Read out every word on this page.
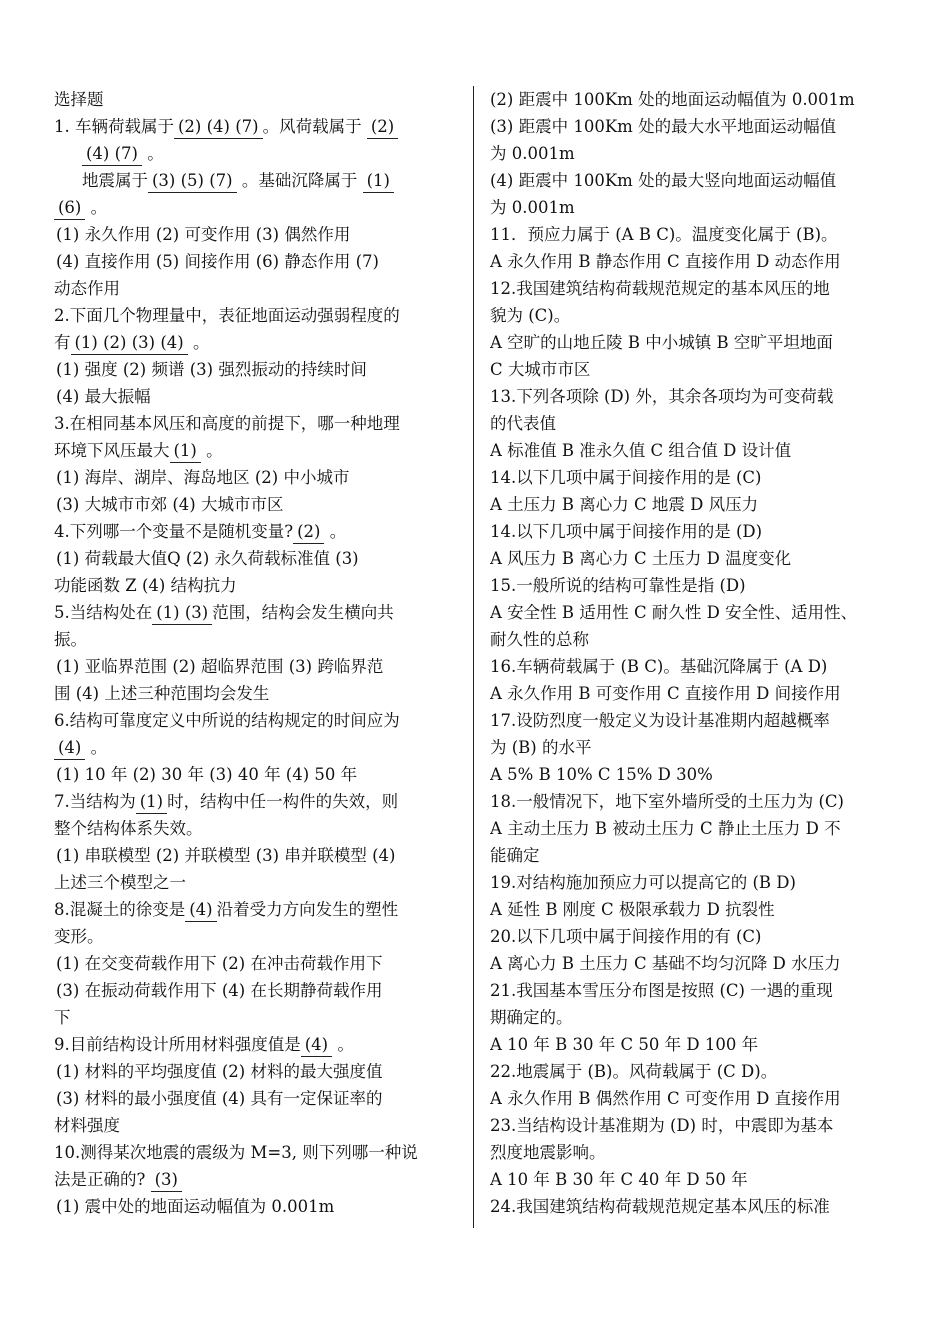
选择题
1. 车辆荷载属于 (2) (4) (7) 。风荷载属于 (2)
(4) (7) 。
地震属于 (3) (5) (7) 。基础沉降属于 (1)
(6) 。
(1) 永久作用 (2) 可变作用 (3) 偶然作用
(4) 直接作用 (5) 间接作用 (6) 静态作用 (7)
动态作用
2.下面几个物理量中，表征地面运动强弱程度的
有 (1) (2) (3) (4) 。
(1) 强度 (2) 频谱 (3) 强烈振动的持续时间
(4) 最大振幅
3.在相同基本风压和高度的前提下，哪一种地理
环境下风压最大 (1) 。
(1) 海岸、湖岸、海岛地区 (2) 中小城市
(3) 大城市市郊 (4) 大城市市区
4.下列哪一个变量不是随机变量? (2) 。
(1) 荷载最大值Q (2) 永久荷载标准值 (3)
功能函数 Z (4) 结构抗力
5.当结构处在 (1) (3) 范围，结构会发生横向共
振。
(1) 亚临界范围 (2) 超临界范围 (3) 跨临界范
围 (4) 上述三种范围均会发生
6.结构可靠度定义中所说的结构规定的时间应为
(4) 。
(1) 10 年 (2) 30 年 (3) 40 年 (4) 50 年
7.当结构为 (1) 时，结构中任一构件的失效，则
整个结构体系失效。
(1) 串联模型 (2) 并联模型 (3) 串并联模型 (4)
上述三个模型之一
8.混凝土的徐变是 (4) 沿着受力方向发生的塑性
变形。
(1) 在交变荷载作用下 (2) 在冲击荷载作用下
(3) 在振动荷载作用下 (4) 在长期静荷载作用
下
9.目前结构设计所用材料强度值是 (4) 。
(1) 材料的平均强度值 (2) 材料的最大强度值
(3) 材料的最小强度值 (4) 具有一定保证率的
材料强度
10.测得某次地震的震级为 M=3, 则下列哪一种说
法是正确的? (3)
(1) 震中处的地面运动幅值为 0.001m
(2) 距震中 100Km 处的地面运动幅值为 0.001m
(3) 距震中 100Km 处的最大水平地面运动幅值
为 0.001m
(4) 距震中 100Km 处的最大竖向地面运动幅值
为 0.001m
11．预应力属于 (A B C)。温度变化属于 (B)。
A 永久作用 B 静态作用 C 直接作用 D 动态作用
12.我国建筑结构荷载规范规定的基本风压的地
貌为 (C)。
A 空旷的山地丘陵 B 中小城镇 B 空旷平坦地面
C 大城市市区
13.下列各项除 (D) 外，其余各项均为可变荷载
的代表值
A 标准值 B 准永久值 C 组合值 D 设计值
14.以下几项中属于间接作用的是 (C)
A 土压力 B 离心力 C 地震 D 风压力
14.以下几项中属于间接作用的是 (D)
A 风压力 B 离心力 C 土压力 D 温度变化
15.一般所说的结构可靠性是指 (D)
A 安全性 B 适用性 C 耐久性 D 安全性、适用性、
耐久性的总称
16.车辆荷载属于 (B C)。基础沉降属于 (A D)
A 永久作用 B 可变作用 C 直接作用 D 间接作用
17.设防烈度一般定义为设计基准期内超越概率
为 (B) 的水平
A 5% B 10% C 15% D 30%
18.一般情况下，地下室外墙所受的土压力为 (C)
A 主动土压力 B 被动土压力 C 静止土压力 D 不
能确定
19.对结构施加预应力可以提高它的 (B D)
A 延性 B 刚度 C 极限承载力 D 抗裂性
20.以下几项中属于间接作用的有 (C)
A 离心力 B 土压力 C 基础不均匀沉降 D 水压力
21.我国基本雪压分布图是按照 (C) 一遇的重现
期确定的。
A 10 年 B 30 年 C 50 年 D 100 年
22.地震属于 (B)。风荷载属于 (C D)。
A 永久作用 B 偶然作用 C 可变作用 D 直接作用
23.当结构设计基准期为 (D) 时，中震即为基本
烈度地震影响。
A 10 年 B 30 年 C 40 年 D 50 年
24.我国建筑结构荷载规范规定基本风压的标准
